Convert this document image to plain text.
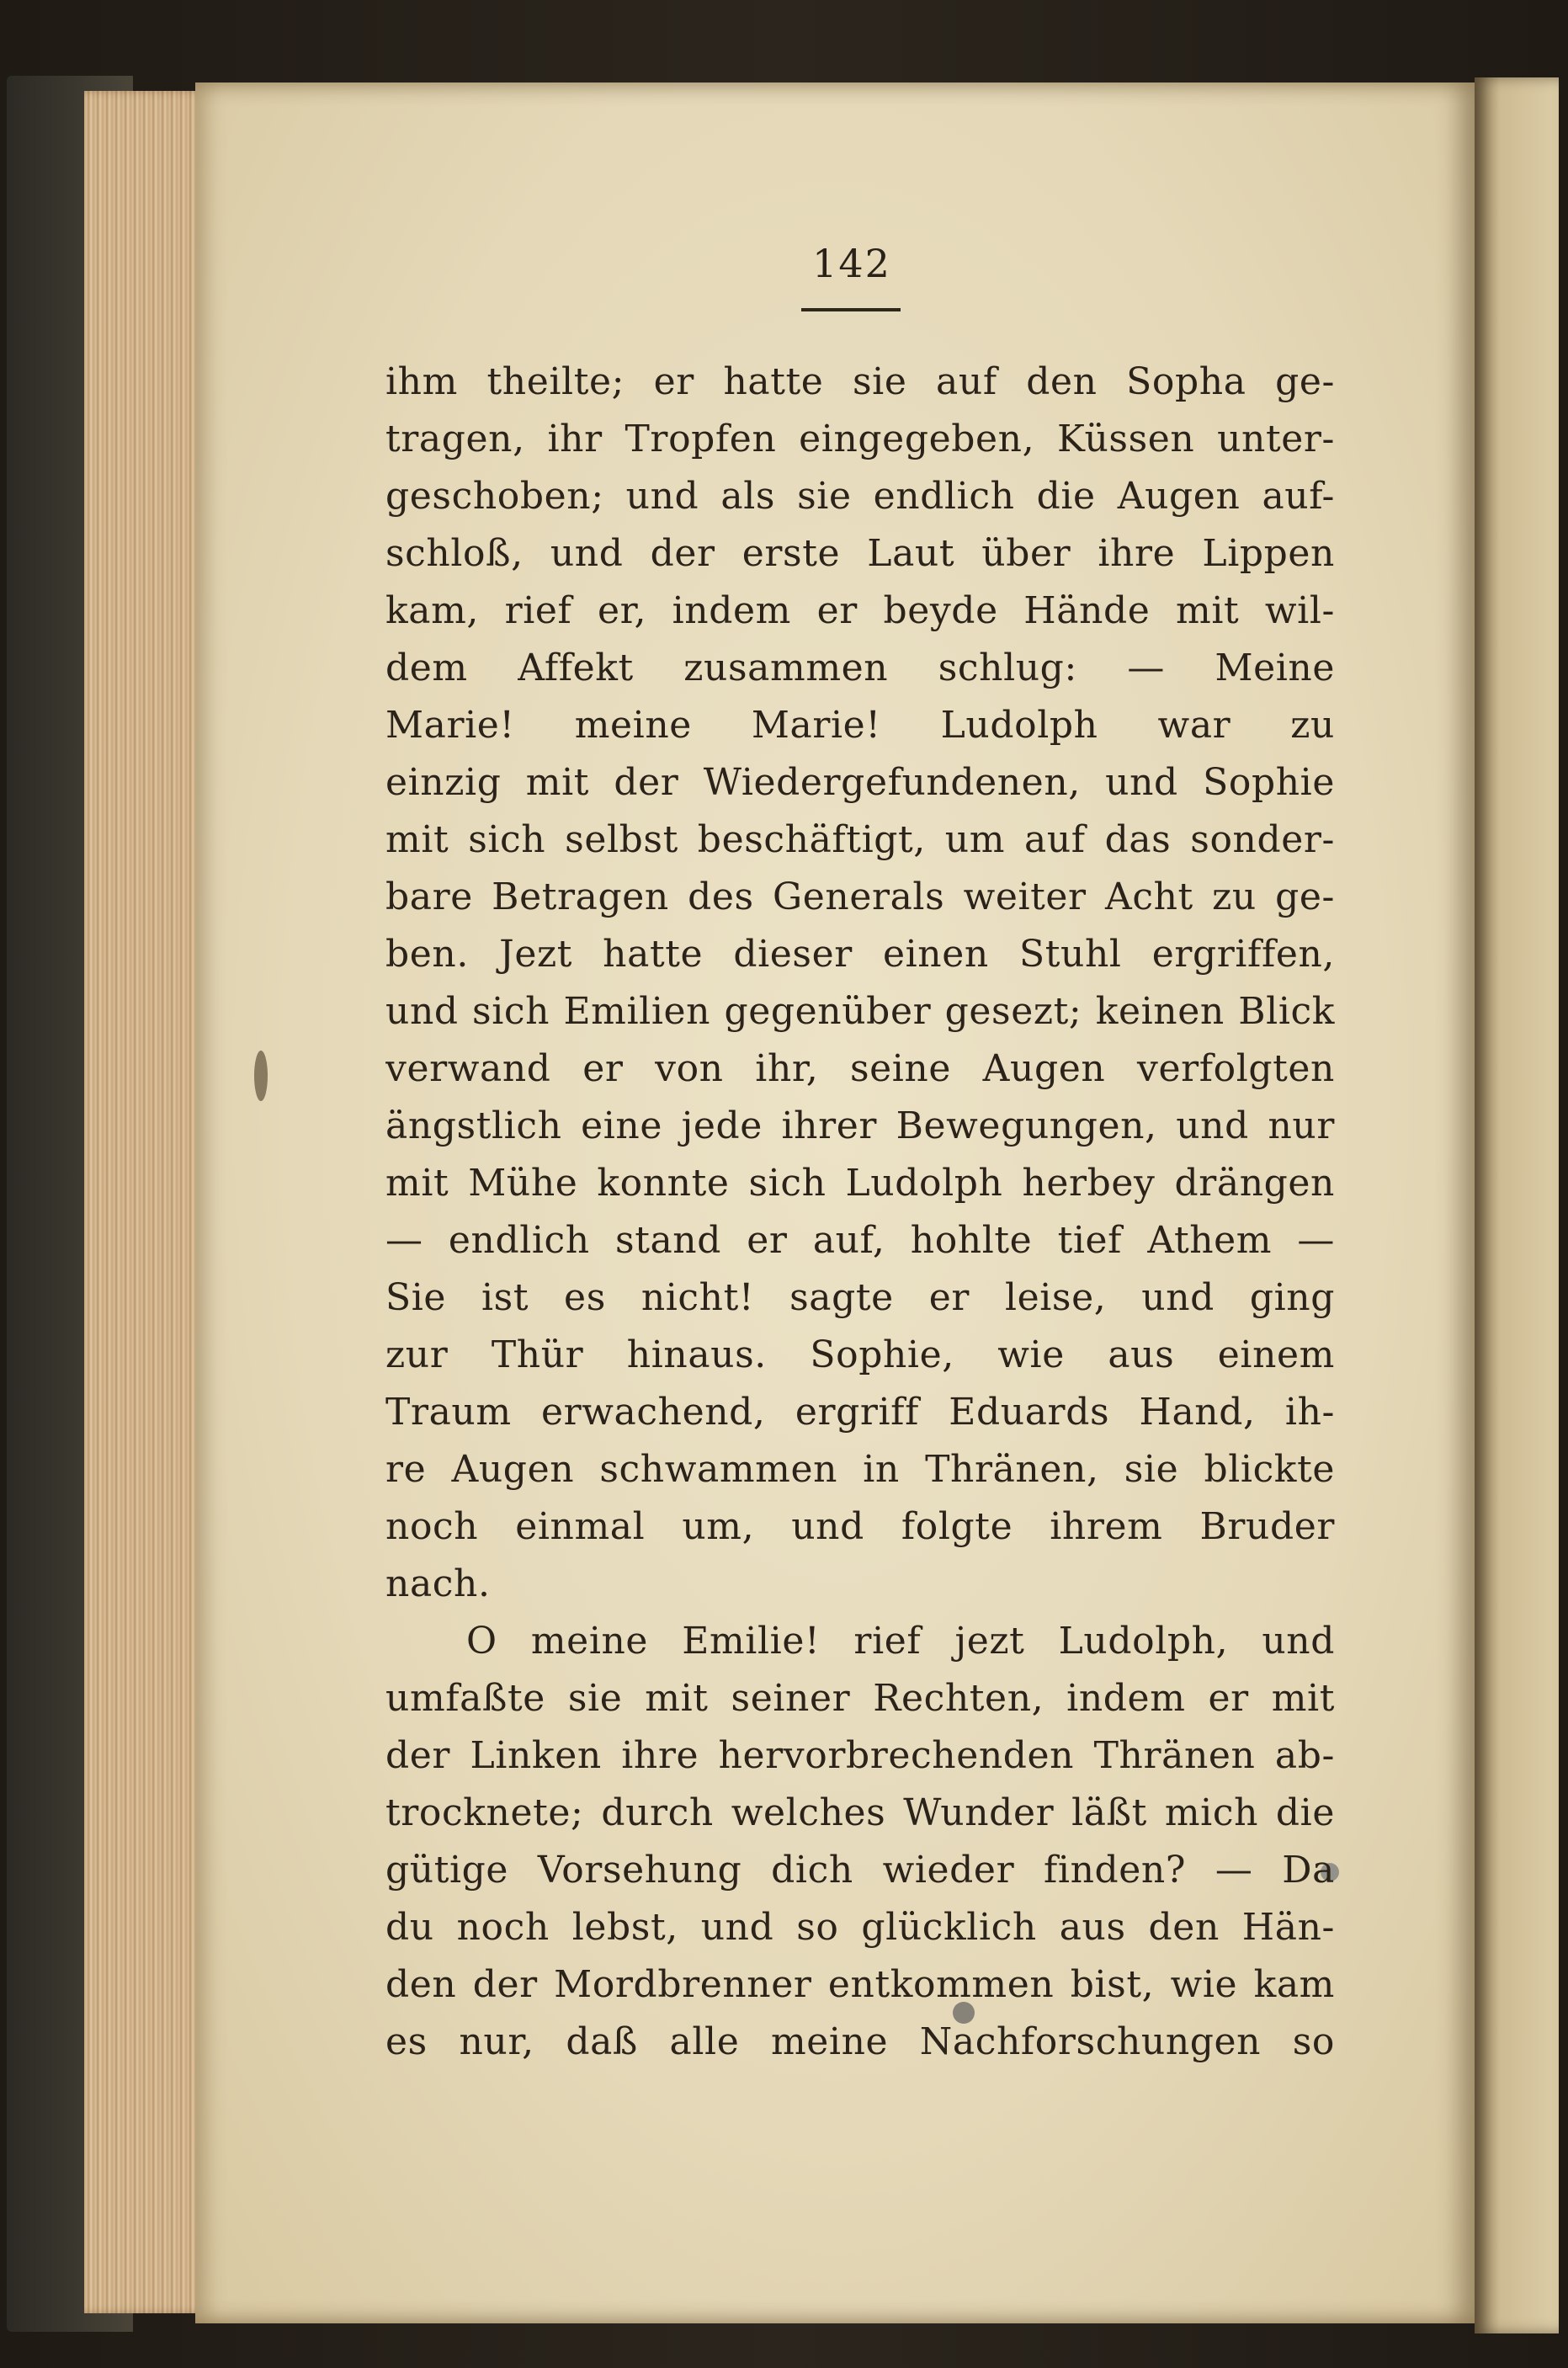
142
ihm theilte; er hatte sie auf den Sopha ge-
tragen, ihr Tropfen eingegeben, Küssen unter-
geschoben; und als sie endlich die Augen auf-
schloß, und der erste Laut über ihre Lippen
kam, rief er, indem er beyde Hände mit wil-
dem Affekt zusammen schlug: — Meine
Marie! meine Marie! Ludolph war zu
einzig mit der Wiedergefundenen, und Sophie
mit sich selbst beschäftigt, um auf das sonder-
bare Betragen des Generals weiter Acht zu ge-
ben. Jezt hatte dieser einen Stuhl ergriffen,
und sich Emilien gegenüber gesezt; keinen Blick
verwand er von ihr, seine Augen verfolgten
ängstlich eine jede ihrer Bewegungen, und nur
mit Mühe konnte sich Ludolph herbey drängen
— endlich stand er auf, hohlte tief Athem —
Sie ist es nicht! sagte er leise, und ging
zur Thür hinaus. Sophie, wie aus einem
Traum erwachend, ergriff Eduards Hand, ih-
re Augen schwammen in Thränen, sie blickte
noch einmal um, und folgte ihrem Bruder
nach.
O meine Emilie! rief jezt Ludolph, und
umfaßte sie mit seiner Rechten, indem er mit
der Linken ihre hervorbrechenden Thränen ab-
trocknete; durch welches Wunder läßt mich die
gütige Vorsehung dich wieder finden? — Da
du noch lebst, und so glücklich aus den Hän-
den der Mordbrenner entkommen bist, wie kam
es nur, daß alle meine Nachforschungen so
